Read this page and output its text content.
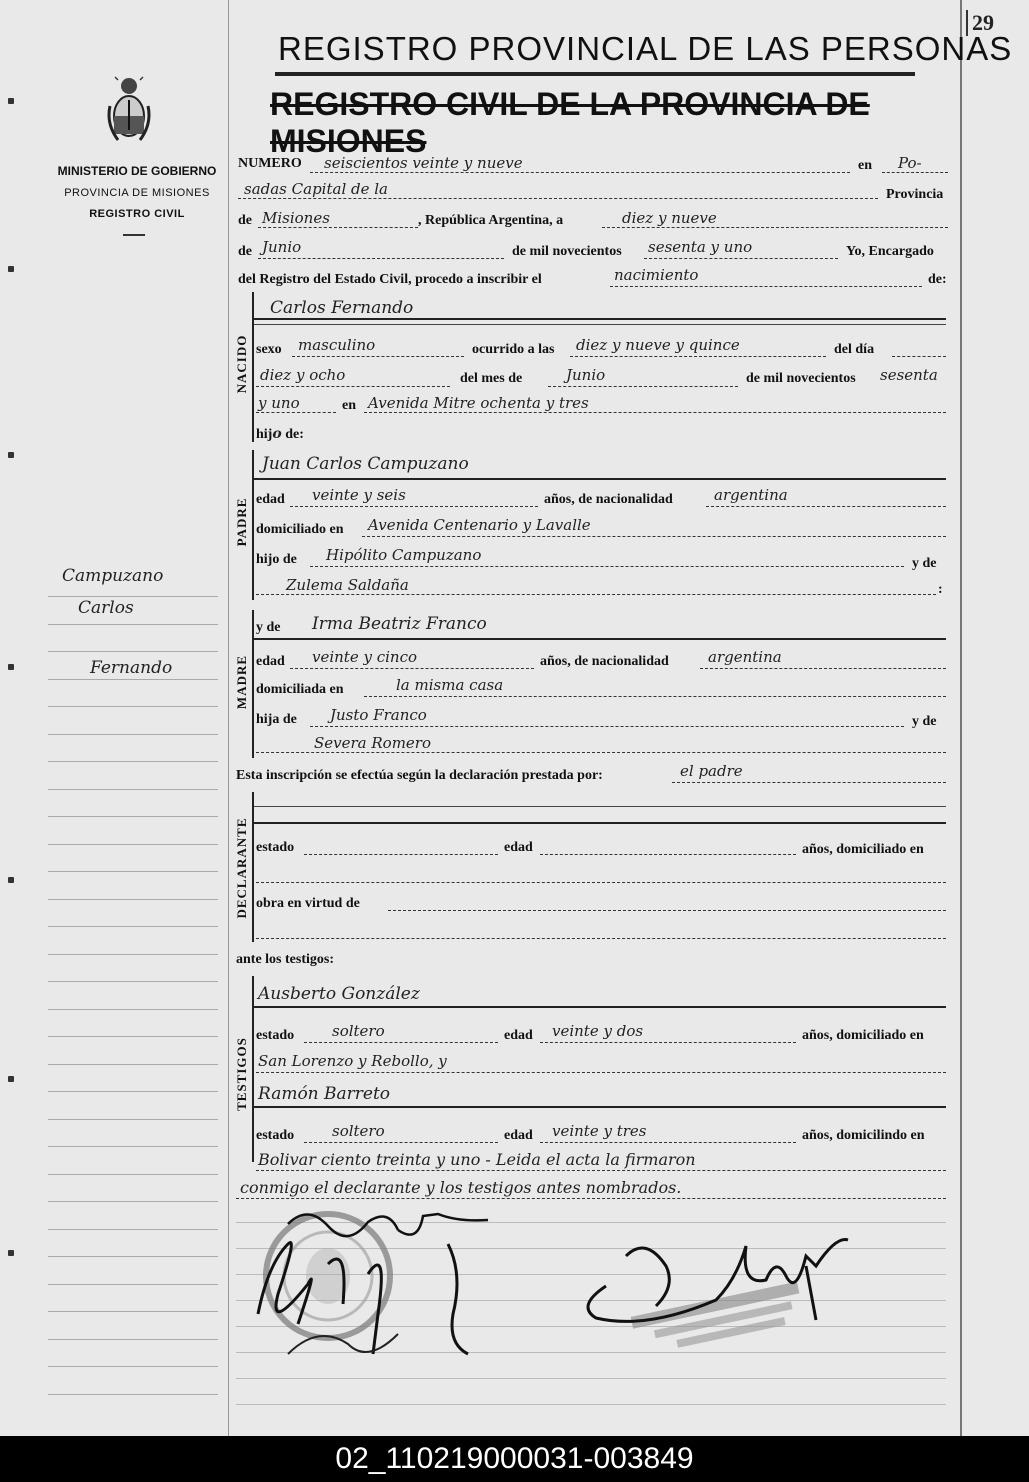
29
REGISTRO PROVINCIAL DE LAS PERSONAS
REGISTRO CIVIL DE LA PROVINCIA DE MISIONES
MINISTERIO DE GOBIERNO
PROVINCIA DE MISIONES
REGISTRO CIVIL
Campuzano
Carlos
Fernando
NUMERO seiscientos veinte y nueve	en Po-
sadas Capital de la	Provincia
de Misiones	, República Argentina, a	diez y nueve
de Junio	de mil novecientos sesenta y uno	Yo, Encargado
del Registro del Estado Civil, procedo a inscribir el	nacimiento	de:
NACIDO
Carlos Fernando
sexo masculino	ocurrido a las diez y nueve y quince	del día
diez y ocho	del mes de	Junio	de mil novecientos sesenta
y uno	en Avenida Mitre ochenta y tres
hijo de:
PADRE
Juan Carlos Campuzano
edad veinte y seis	años, de nacionalidad	argentina
domiciliado en Avenida Centenario y Lavalle
hijo de Hipólito Campuzano	y de
Zulema Saldaña	:
MADRE
y de Irma Beatriz Franco
edad veinte y cinco	años, de nacionalidad	argentina
domiciliada en	la misma casa
hija de Justo Franco	y de
Severa Romero
Esta inscripción se efectúa según la declaración prestada por:	el padre
DECLARANTE estado	edad	años, domiciliado en
obra en virtud de
ante los testigos:
TESTIGOS
Ausberto González
estado	soltero	edad veinte y dos	años, domiciliado en
San Lorenzo y Rebollo, y
Ramón Barreto
estado	soltero	edad veinte y tres	años, domicilindo en
Bolivar ciento treinta y uno - Leida el acta la firmaron
conmigo el declarante y los testigos antes nombrados.
02_110219000031-003849
